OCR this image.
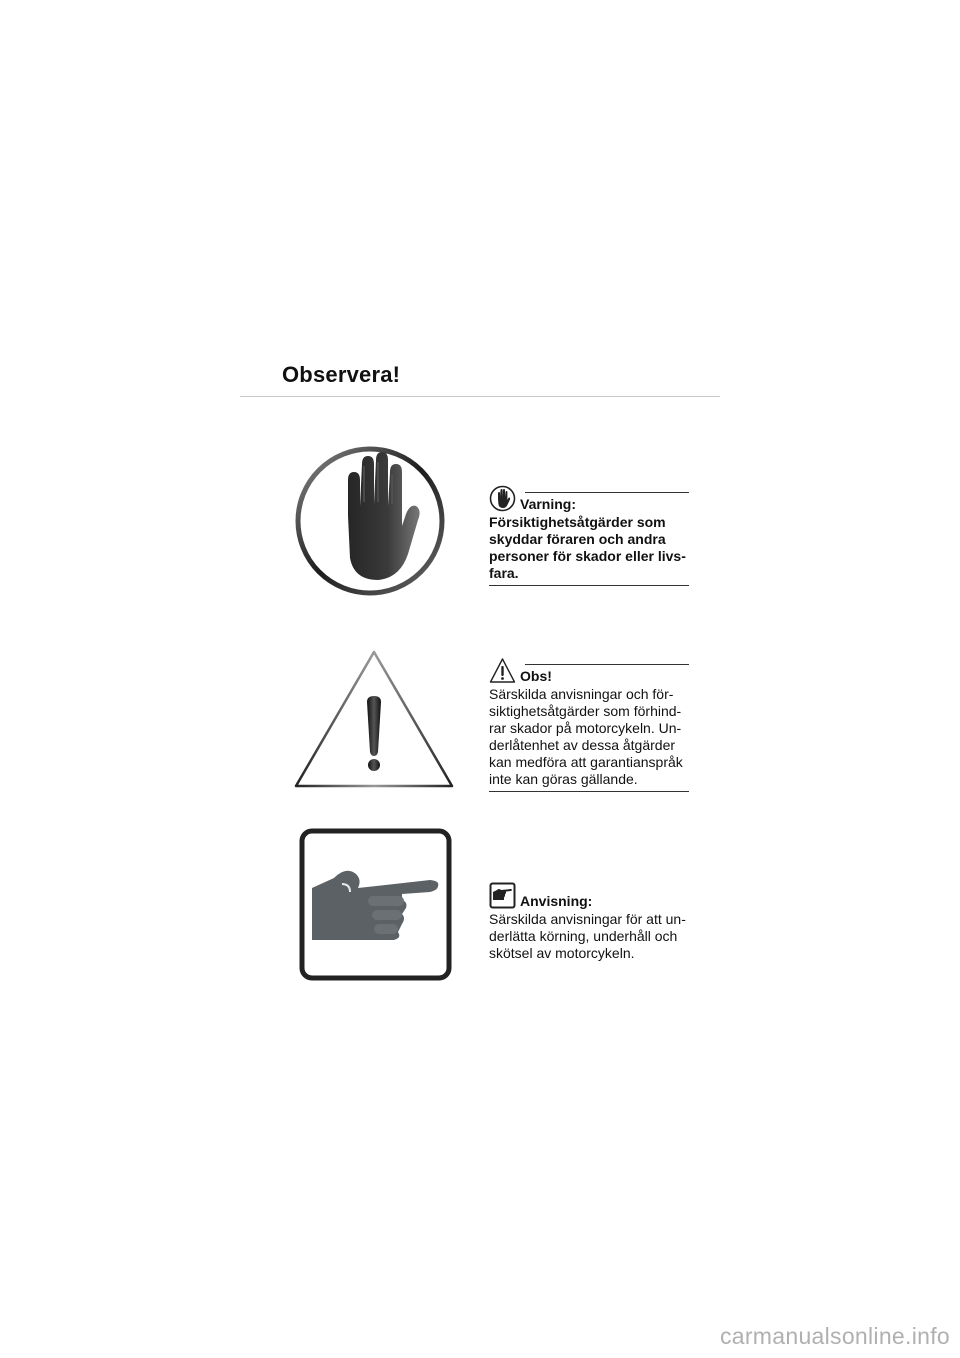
Observera!
Varning:

Försiktighetsåtgärder som skyddar föraren och andra personer för skador eller livs-fara.

Obs!

Särskilda anvisningar och för-siktighetsåtgärder som förhind-rar skador på motorcykeln. Un-derlåtenhet av dessa åtgärder kan medföra att garantianspråk inte kan göras gällande.

Anvisning:

Särskilda anvisningar för att un-derlätta körning, underhåll och skötsel av motorcykeln.

carmanualsonline.info
